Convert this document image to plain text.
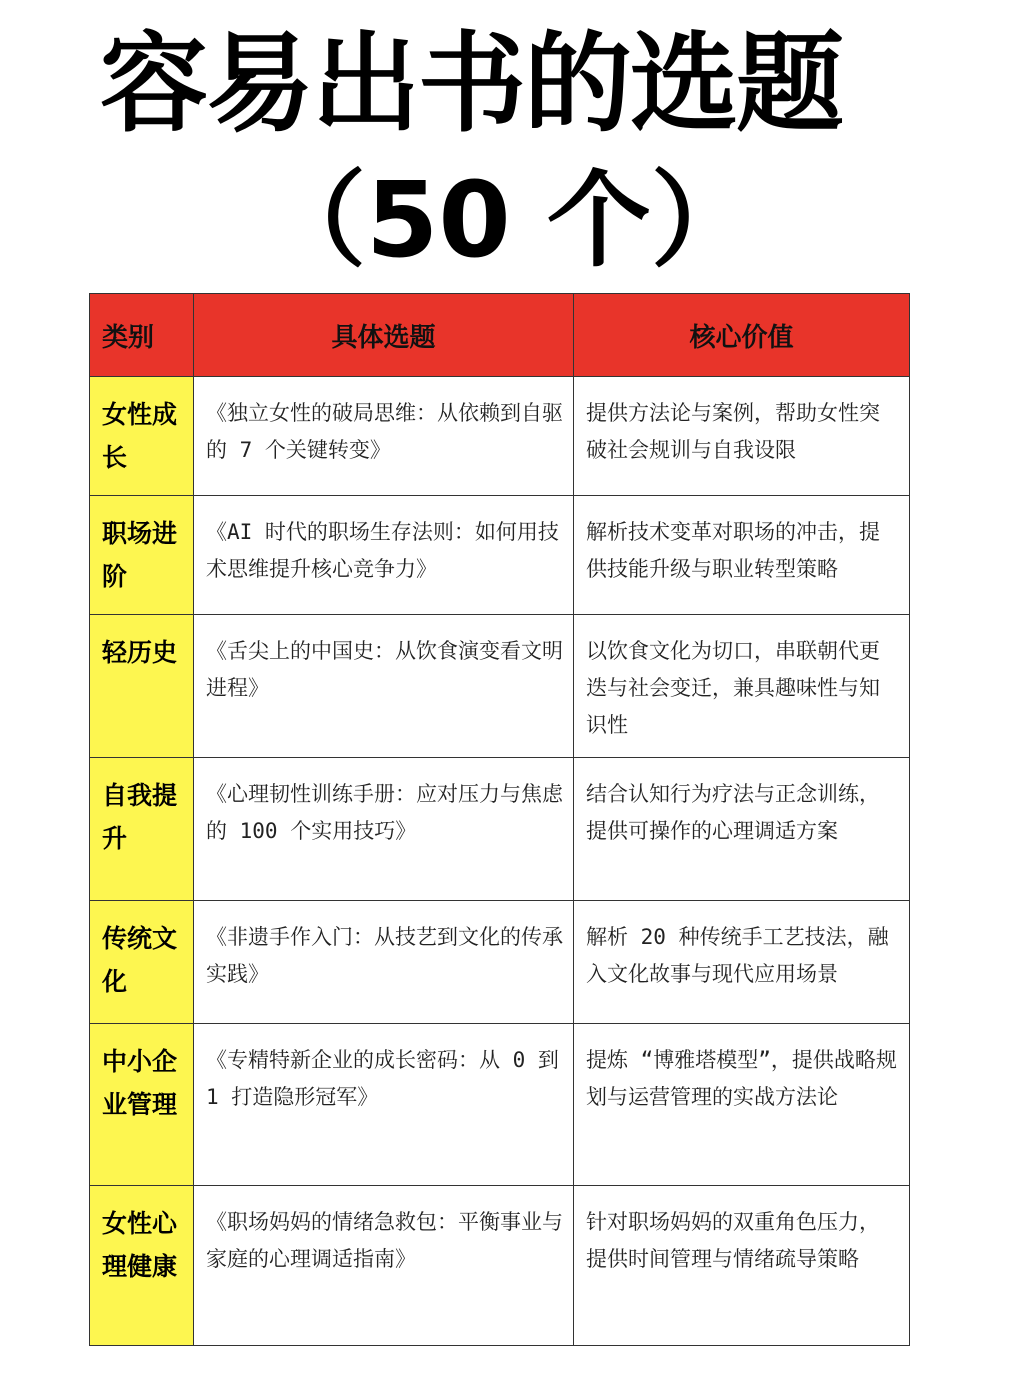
容易出书的选题
（50 个）
类别	具体选题	核心价值
女性成长	《独立女性的破局思维：从依赖到自驱的 7 个关键转变》	提供方法论与案例，帮助女性突破社会规训与自我设限
职场进阶	《AI 时代的职场生存法则：如何用技术思维提升核心竞争力》	解析技术变革对职场的冲击，提供技能升级与职业转型策略
轻历史	《舌尖上的中国史：从饮食演变看文明进程》	以饮食文化为切口，串联朝代更迭与社会变迁，兼具趣味性与知识性
自我提升	《心理韧性训练手册：应对压力与焦虑的 100 个实用技巧》	结合认知行为疗法与正念训练，提供可操作的心理调适方案
传统文化	《非遗手作入门：从技艺到文化的传承实践》	解析 20 种传统手工艺技法，融入文化故事与现代应用场景
中小企业管理	《专精特新企业的成长密码：从 0 到 1 打造隐形冠军》	提炼 “博雅塔模型”，提供战略规划与运营管理的实战方法论
女性心理健康	《职场妈妈的情绪急救包：平衡事业与家庭的心理调适指南》	针对职场妈妈的双重角色压力，提供时间管理与情绪疏导策略
